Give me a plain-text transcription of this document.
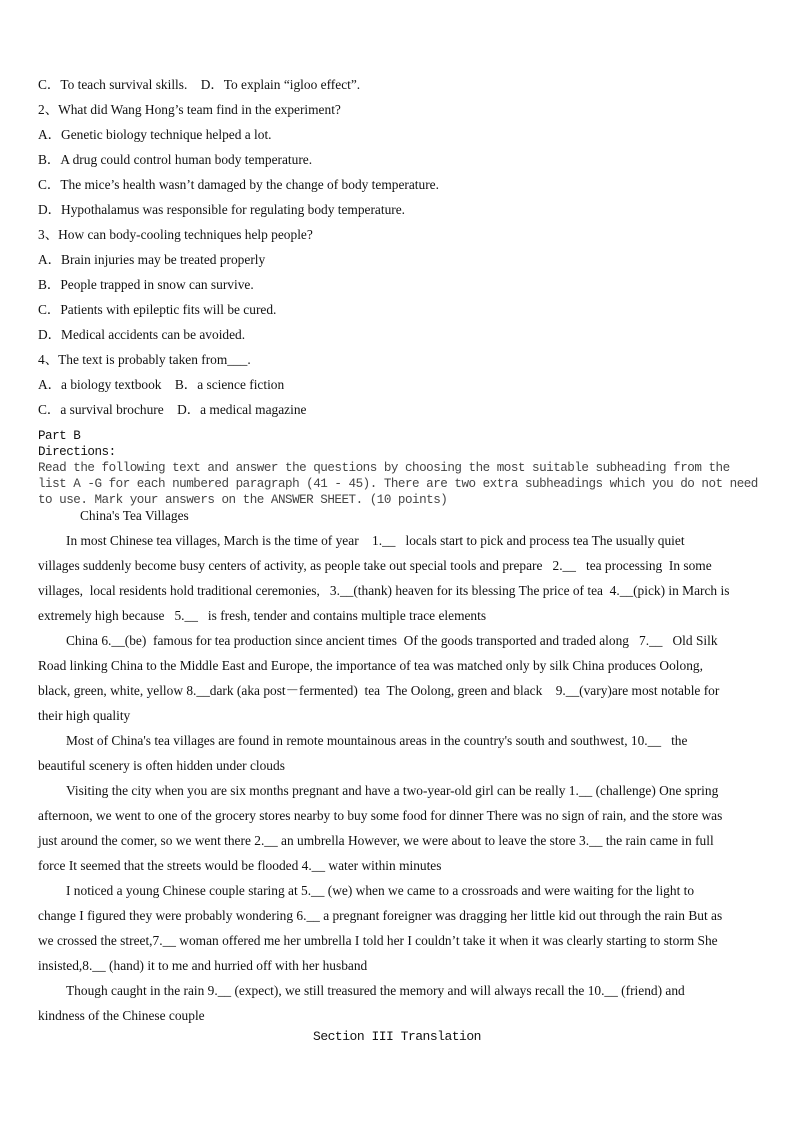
C．To teach survival skills.    D．To explain “igloo effect”.
2、What did Wang Hong’s team find in the experiment?
A．Genetic biology technique helped a lot.
B．A drug could control human body temperature.
C．The mice’s health wasn’t damaged by the change of body temperature.
D．Hypothalamus was responsible for regulating body temperature.
3、How can body-cooling techniques help people?
A．Brain injuries may be treated properly
B．People trapped in snow can survive.
C．Patients with epileptic fits will be cured.
D．Medical accidents can be avoided.
4、The text is probably taken from___.
A．a biology textbook    B．a science fiction
C．a survival brochure    D．a medical magazine
Part B
Directions:
Read the following text and answer the questions by choosing the most suitable subheading from the
list A -G for each numbered paragraph (41 - 45). There are two extra subheadings which you do not need
to use. Mark your answers on the ANSWER SHEET. (10 points)
China's Tea Villages
In most Chinese tea villages, March is the time of year    1.__   locals start to pick and process tea The usually quiet
villages suddenly become busy centers of activity, as people take out special tools and prepare   2.__   tea processing  In some
villages,  local residents hold traditional ceremonies,   3.__(thank) heaven for its blessing The price of tea  4.__(pick) in March is
extremely high because   5.__   is fresh, tender and contains multiple trace elements
China 6.__(be)  famous for tea production since ancient times  Of the goods transported and traded along   7.__   Old Silk
Road linking China to the Middle East and Europe, the importance of tea was matched only by silk China produces Oolong,
black, green, white, yellow 8.__dark (aka post－fermented)  tea  The Oolong, green and black    9.__(vary)are most notable for
their high quality
Most of China's tea villages are found in remote mountainous areas in the country's south and southwest, 10.__   the
beautiful scenery is often hidden under clouds
Visiting the city when you are six months pregnant and have a two-year-old girl can be really 1.__ (challenge) One spring
afternoon, we went to one of the grocery stores nearby to buy some food for dinner There was no sign of rain, and the store was
just around the comer, so we went there 2.__ an umbrella However, we were about to leave the store 3.__ the rain came in full
force It seemed that the streets would be flooded 4.__ water within minutes
I noticed a young Chinese couple staring at 5.__ (we) when we came to a crossroads and were waiting for the light to
change I figured they were probably wondering 6.__ a pregnant foreigner was dragging her little kid out through the rain But as
we crossed the street,7.__ woman offered me her umbrella I told her I couldn’t take it when it was clearly starting to storm She
insisted,8.__ (hand) it to me and hurried off with her husband
Though caught in the rain 9.__ (expect), we still treasured the memory and will always recall the 10.__ (friend) and
kindness of the Chinese couple
Section III Translation
